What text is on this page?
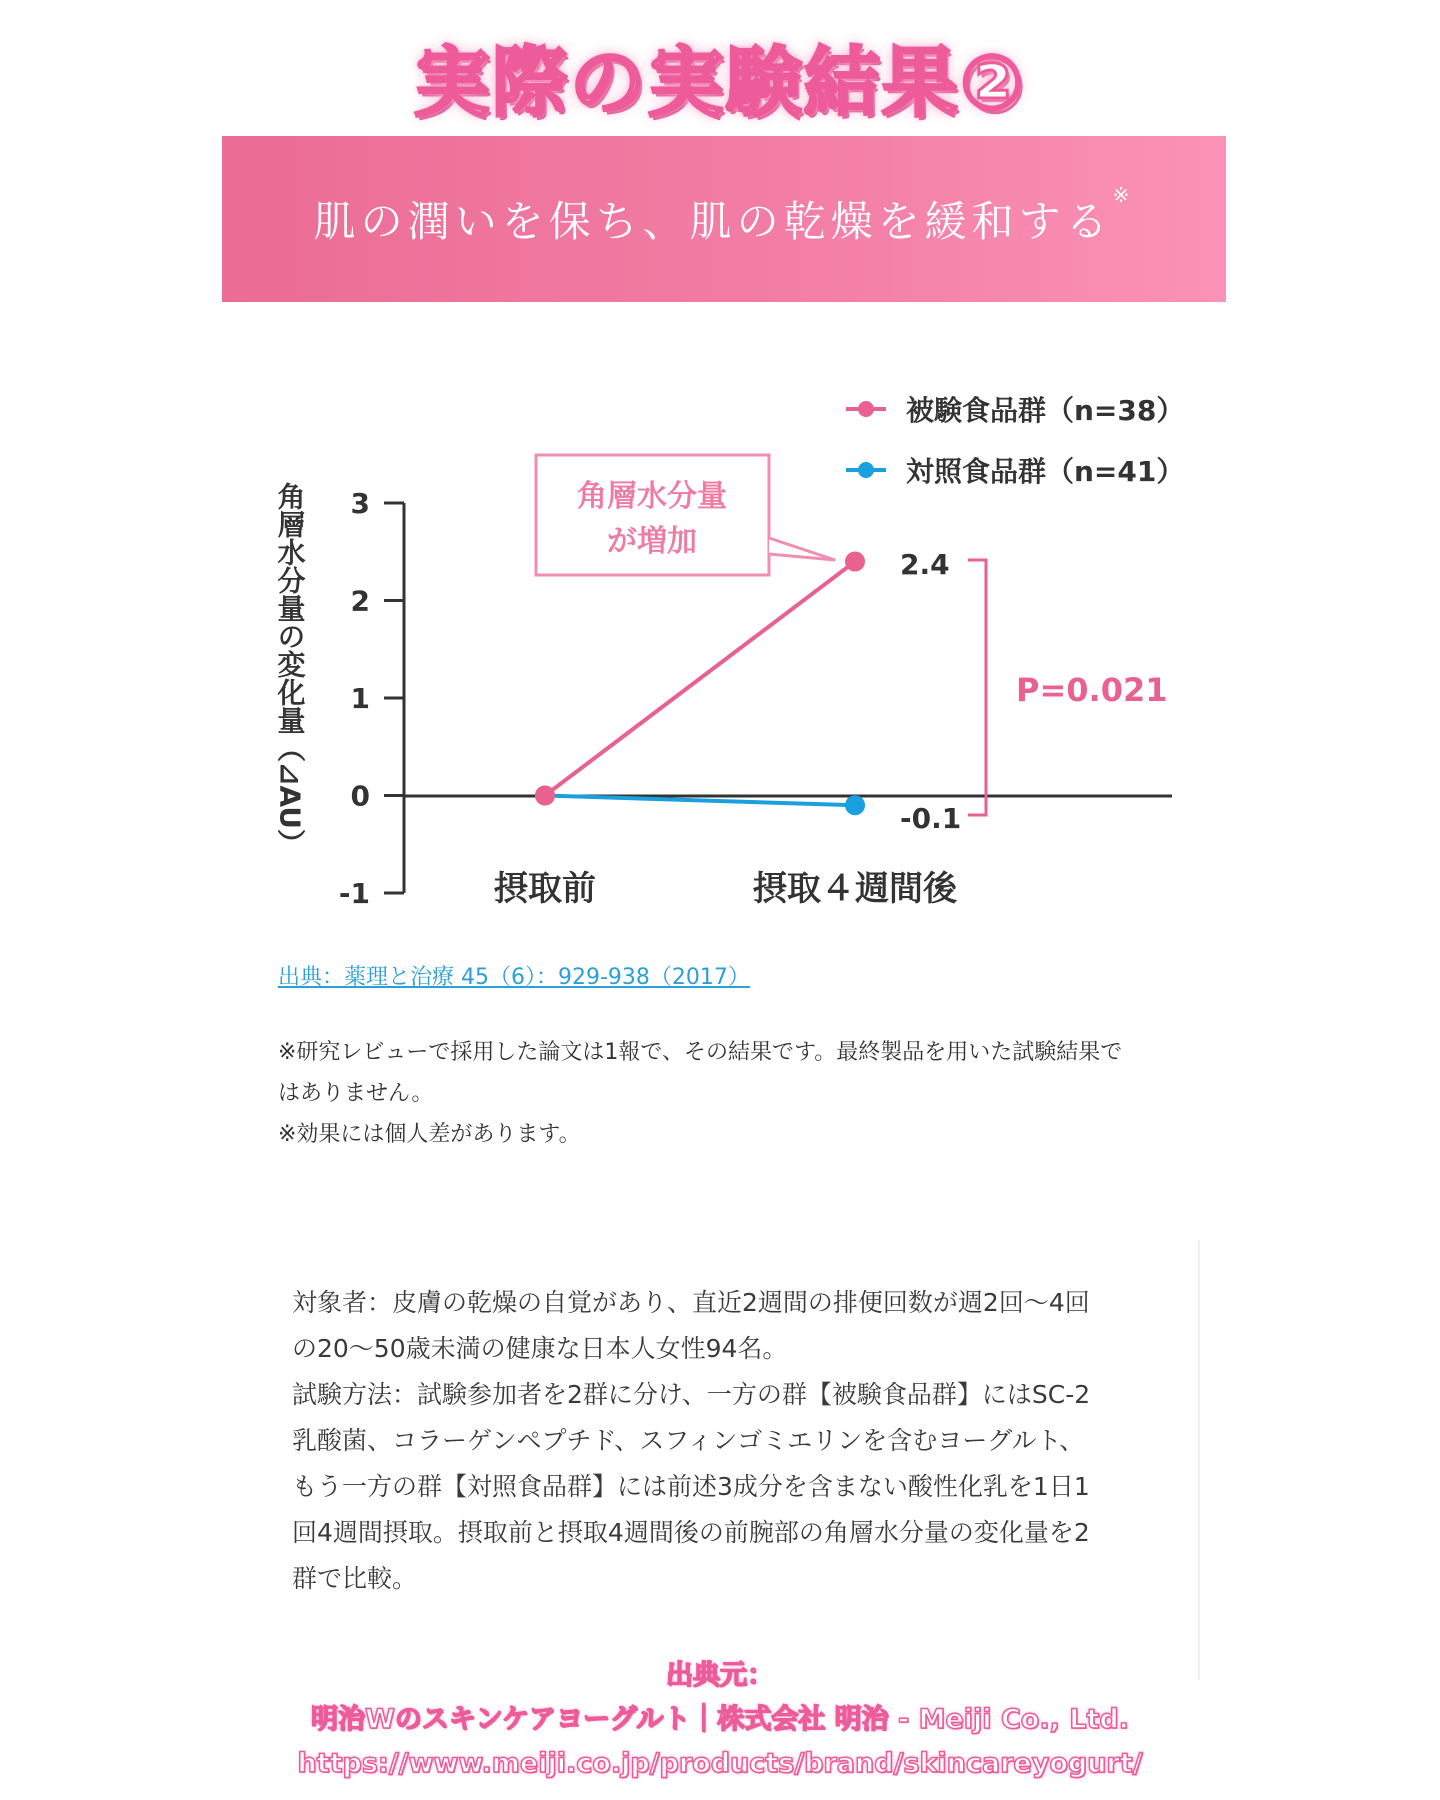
実際の実験結果②
肌の潤いを保ち、肌の乾燥を緩和する※
被験食品群（n=38）
対照食品群（n=41）
角層水分量の変化量（⊿AU） 3
2
1
0
-1	摂取前	摂取４週間後
角層水分量
が増加
P=0.021
2.4
-0.1
出典：薬理と治療 45（6）：929-938（2017）

※研究レビューで採用した論文は1報で、その結果です。最終製品を用いた試験結果で

はありません。

※効果には個人差があります。

対象者：皮膚の乾燥の自覚があり、直近2週間の排便回数が週2回～4回

の20～50歳未満の健康な日本人女性94名。

試験方法：試験参加者を2群に分け、一方の群【被験食品群】にはSC-2

乳酸菌、コラーゲンペプチド、スフィンゴミエリンを含むヨーグルト、

もう一方の群【対照食品群】には前述3成分を含まない酸性化乳を1日1

回4週間摂取。摂取前と摂取4週間後の前腕部の角層水分量の変化量を2

群で比較。

出典元：
明治Wのスキンケアヨーグルト｜株式会社 明治 - Meiji Co., Ltd.
https://www.meiji.co.jp/products/brand/skincareyogurt/
